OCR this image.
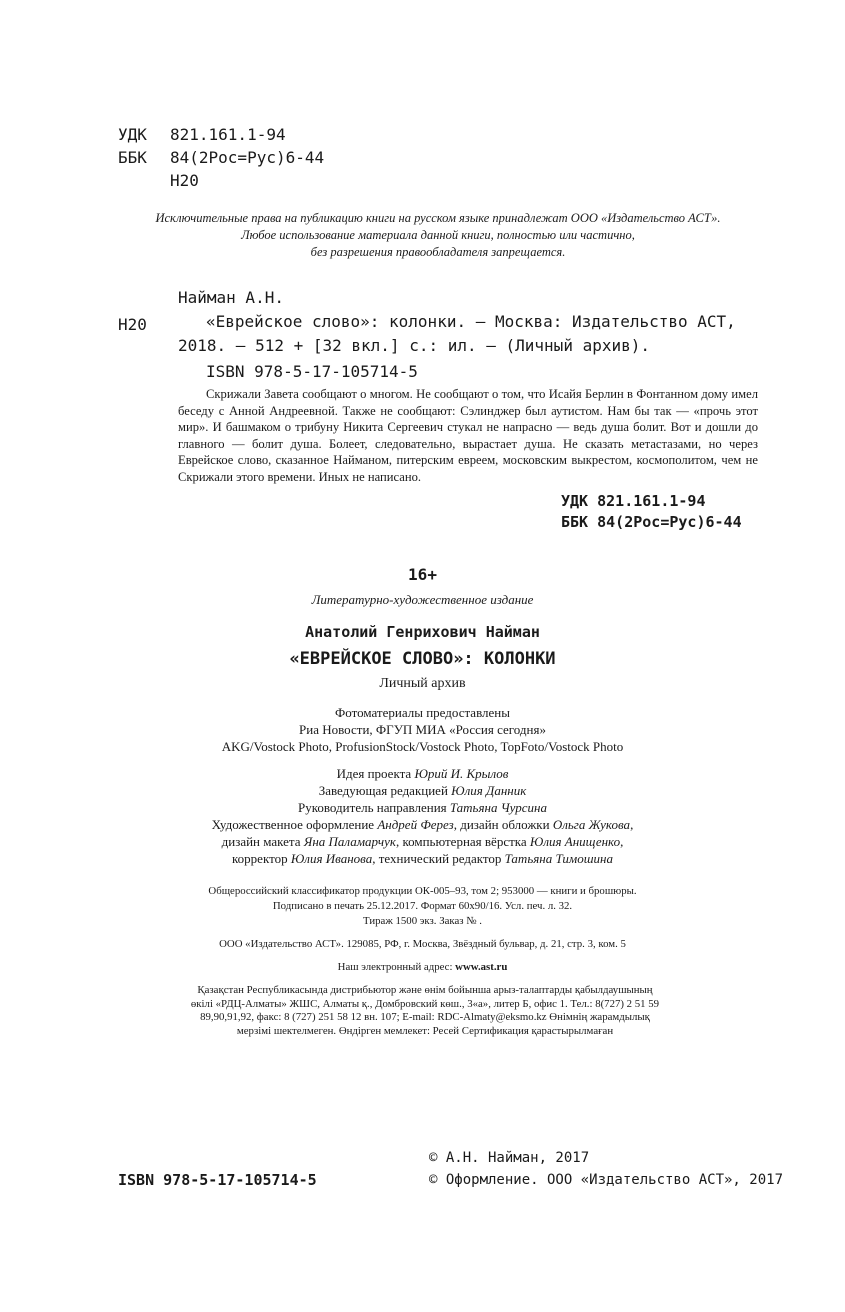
УДК 821.161.1-94
ББК 84(2Рос=Рус)6-44
Н20
Исключительные права на публикацию книги на русском языке принадлежат ООО «Издательство АСТ».
Любое использование материала данной книги, полностью или частично,
без разрешения правообладателя запрещается.
Найман А.Н.
Н20	«Еврейское слово»: колонки. — Москва: Издательство АСТ,
2018. — 512 + [32 вкл.] с.: ил. — (Личный архив).
ISBN 978-5-17-105714-5
Скрижали Завета сообщают о многом. Не сообщают о том, что Исайя Берлин в Фонтанном дому имел беседу с Анной Андреевной. Также не сообщают: Сэлинджер был аутистом. Нам бы так — «прочь этот мир». И башмаком о трибуну Никита Сергеевич стукал не напрасно — ведь душа болит. Вот и дошли до главного — болит душа. Болеет, следовательно, вырастает душа. Не сказать метастазами, но через Еврейское слово, сказанное Найманом, питерским евреем, московским выкрестом, космополитом, чем не Скрижали этого времени. Иных не написано.
УДК 821.161.1-94
ББК 84(2Рос=Рус)6-44
16+
Литературно-художественное издание
Анатолий Генрихович Найман
«ЕВРЕЙСКОЕ СЛОВО»: КОЛОНКИ
Личный архив
Фотоматериалы предоставлены
Риа Новости, ФГУП МИА «Россия сегодня»
AKG/Vostock Photo, ProfusionStock/Vostock Photo, TopFoto/Vostock Photo
Идея проекта Юрий И. Крылов
Заведующая редакцией Юлия Данник
Руководитель направления Татьяна Чурсина
Художественное оформление Андрей Ферез, дизайн обложки Ольга Жукова,
дизайн макета Яна Паламарчук, компьютерная вёрстка Юлия Анищенко,
корректор Юлия Иванова, технический редактор Татьяна Тимошина
Общероссийский классификатор продукции ОК-005–93, том 2; 953000 — книги и брошюры.
Подписано в печать 25.12.2017. Формат 60х90/16. Усл. печ. л. 32.
Тираж 1500 экз. Заказ № .
ООО «Издательство АСТ». 129085, РФ, г. Москва, Звёздный бульвар, д. 21, стр. 3, ком. 5
Наш электронный адрес: www.ast.ru
Қазақстан Республикасында дистрибьютор және өнім бойынша арыз-талаптарды қабылдаушының өкілі «РДЦ-Алматы» ЖШС, Алматы қ., Домбровский көш., 3«а», литер Б, офис 1. Тел.: 8(727) 2 51 59 89,90,91,92, факс: 8 (727) 251 58 12 вн. 107; E-mail: RDC-Almaty@eksmo.kz Өнімнің жарамдылық мерзімі шектелмеген. Өндірген мемлекет: Ресей Сертификация қарастырылмаған
ISBN 978-5-17-105714-5
© А.Н. Найман, 2017
© Оформление. ООО «Издательство АСТ», 2017
